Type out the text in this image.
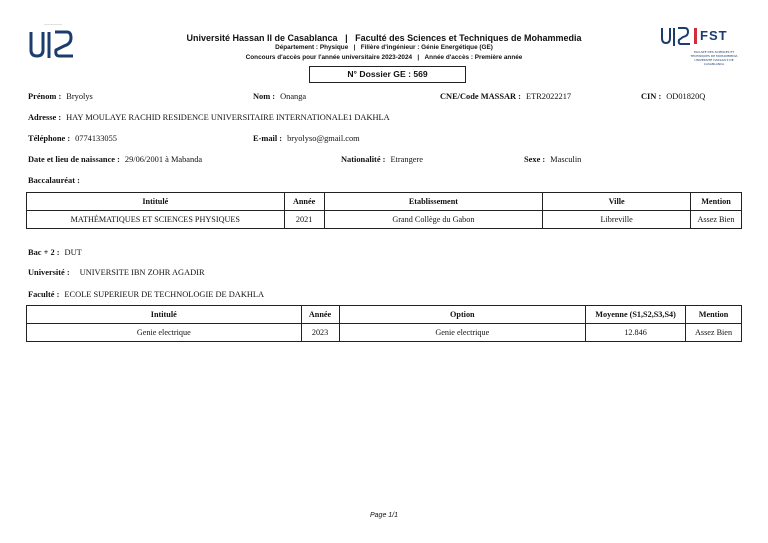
——————
Université Hassan II de Casablanca | Faculté des Sciences et Techniques de Mohammedia
Département : Physique | Filière d'ingénieur : Génie Energétique (GE)
Concours d'accès pour l'année universitaire 2023-2024 | Année d'accès : Première année
N° Dossier GE : 569
FST
FACULTÉ DES SCIENCES ET TECHNIQUES DE MOHAMMEDIA UNIVERSITÉ HASSAN II DE CASABLANCA
Prénom : Bryolys	Nom : Onanga	CNE/Code MASSAR : ETR2022217	CIN : OD01820Q
Adresse : HAY MOULAYE RACHID RESIDENCE UNIVERSITAIRE INTERNATIONALE1 DAKHLA
Téléphone : 0774133055	E-mail : bryolyso@gmail.com
Date et lieu de naissance : 29/06/2001 à Mabanda	Nationalité : Etrangere	Sexe : Masculin
Baccalauréat :
Intitulé	Année	Etablissement	Ville	Mention
MATHÉMATIQUES ET SCIENCES PHYSIQUES	2021	Grand Collège du Gabon	Libreville	Assez Bien
Bac + 2 : DUT
Université : UNIVERSITE IBN ZOHR AGADIR
Faculté : ECOLE SUPERIEUR DE TECHNOLOGIE DE DAKHLA
Intitulé	Année	Option	Moyenne (S1,S2,S3,S4)	Mention
Genie electrique	2023	Genie electrique	12.846	Assez Bien
Page 1/1
